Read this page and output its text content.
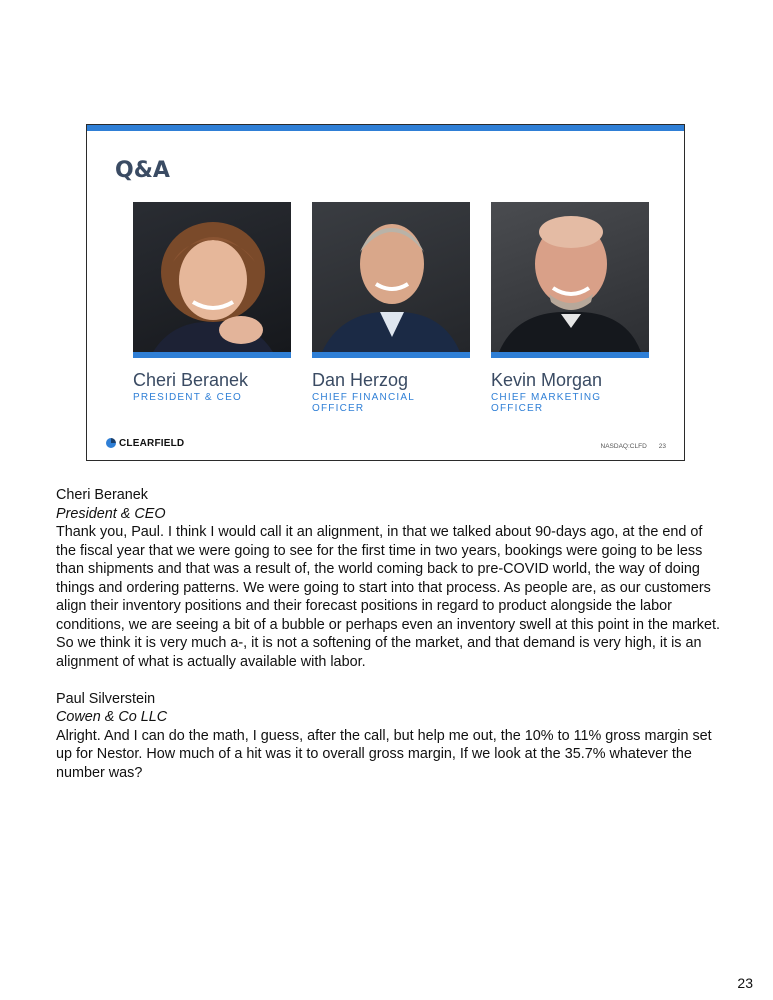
Q&A
Cheri Beranek
PRESIDENT & CEO
Dan Herzog
CHIEF FINANCIAL OFFICER
Kevin Morgan
CHIEF MARKETING OFFICER
CLEARFIELD	NASDAQ:CLFD 23

Cheri Beranek

President & CEO

Thank you, Paul. I think I would call it an alignment, in that we talked about 90-days ago, at the end of the fiscal year that we were going to see for the first time in two years, bookings were going to be less than shipments and that was a result of, the world coming back to pre-COVID world, the way of doing things and ordering patterns. We were going to start into that process. As people are, as our customers align their inventory positions and their forecast positions in regard to product alongside the labor conditions, we are seeing a bit of a bubble or perhaps even an inventory swell at this point in the market. So we think it is very much a-, it is not a softening of the market, and that demand is very high, it is an alignment of what is actually available with labor.

Paul Silverstein

Cowen & Co LLC

Alright. And I can do the math, I guess, after the call, but help me out, the 10% to 11% gross margin set up for Nestor. How much of a hit was it to overall gross margin, If we look at the 35.7% whatever the number was?

23
